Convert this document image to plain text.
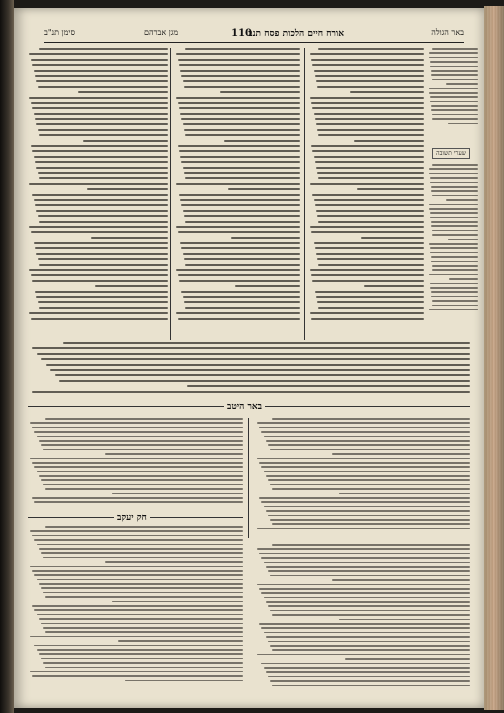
באר הגולה
110
אורח חיים הלכות פסח תנב
מגן אברהם
סימן תנ"ב
שערי תשובה
באר היטב
חק יעקב
